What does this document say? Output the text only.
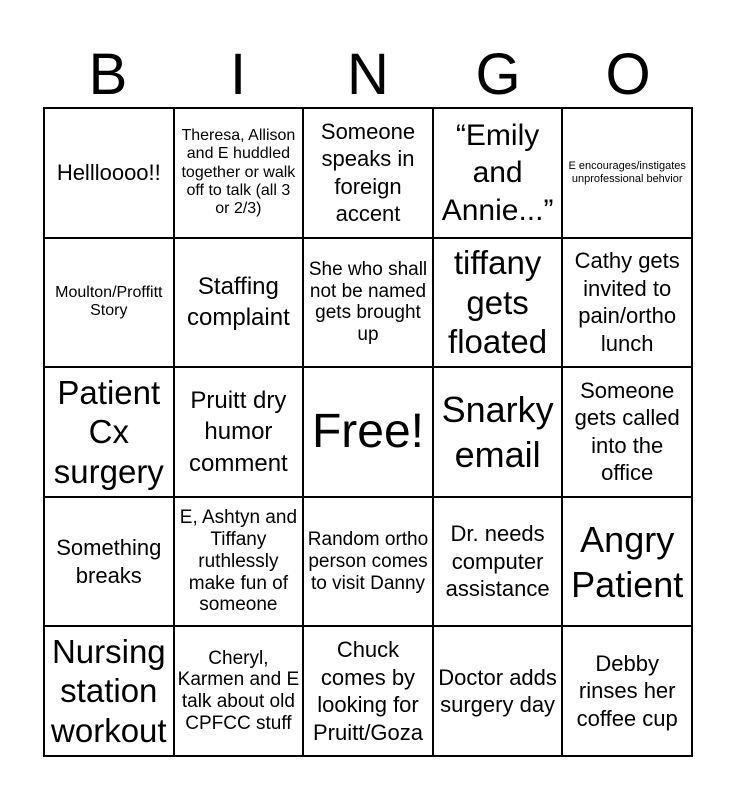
B	I	N	G	O
Hellloooo!!
Theresa, Allison and E huddled together or walk off to talk (all 3 or 2/3)
Someone speaks in foreign accent
“Emily and Annie...”
E encourages/instigates unprofessional behvior
Moulton/Proffitt Story
Staffing complaint
She who shall not be named gets brought up
tiffany gets floated
Cathy gets invited to pain/ortho lunch
Patient Cx surgery
Pruitt dry humor comment
Free! Snarky email
Someone gets called into the office
Something breaks
E, Ashtyn and Tiffany ruthlessly make fun of someone
Random ortho person comes to visit Danny
Dr. needs computer assistance
Angry Patient
Nursing station workout
Cheryl, Karmen and E talk about old CPFCC stuff
Chuck comes by looking for Pruitt/Goza
Doctor adds surgery day
Debby rinses her coffee cup
